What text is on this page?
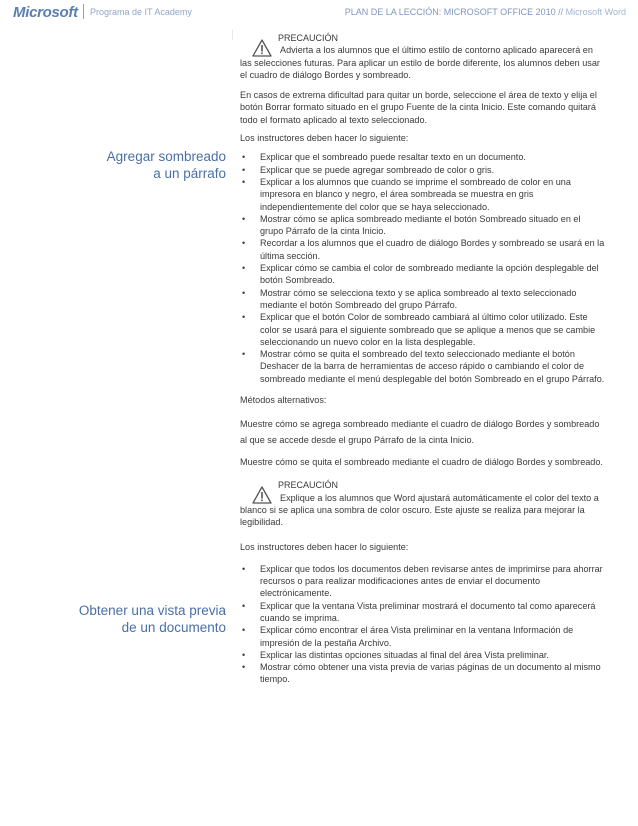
Microsoft Programa de IT Academy	PLAN DE LA LECCIÓN: MICROSOFT OFFICE 2010 // Microsoft Word
Agregar sombreado
a un párrafo
Obtener una vista previa
de un documento
PRECAUCIÓN

Advierta a los alumnos que el último estilo de contorno aplicado aparecerá en las selecciones futuras. Para aplicar un estilo de borde diferente, los alumnos deben usar el cuadro de diálogo Bordes y sombreado.

En casos de extrema dificultad para quitar un borde, seleccione el área de texto y elija el botón Borrar formato situado en el grupo Fuente de la cinta Inicio. Este comando quitará todo el formato aplicado al texto seleccionado.

Los instructores deben hacer lo siguiente:

• Explicar que el sombreado puede resaltar texto en un documento.
• Explicar que se puede agregar sombreado de color o gris.
• Explicar a los alumnos que cuando se imprime el sombreado de color en una impresora en blanco y negro, el área sombreada se muestra en gris independientemente del color que se haya seleccionado.
• Mostrar cómo se aplica sombreado mediante el botón Sombreado situado en el grupo Párrafo de la cinta Inicio.
• Recordar a los alumnos que el cuadro de diálogo Bordes y sombreado se usará en la última sección.
• Explicar cómo se cambia el color de sombreado mediante la opción desplegable del botón Sombreado.
• Mostrar cómo se selecciona texto y se aplica sombreado al texto seleccionado mediante el botón Sombreado del grupo Párrafo.
• Explicar que el botón Color de sombreado cambiará al último color utilizado. Este color se usará para el siguiente sombreado que se aplique a menos que se cambie seleccionando un nuevo color en la lista desplegable.
• Mostrar cómo se quita el sombreado del texto seleccionado mediante el botón Deshacer de la barra de herramientas de acceso rápido o cambiando el color de sombreado mediante el menú desplegable del botón Sombreado en el grupo Párrafo.

Métodos alternativos:

Muestre cómo se agrega sombreado mediante el cuadro de diálogo Bordes y sombreado al que se accede desde el grupo Párrafo de la cinta Inicio.

Muestre cómo se quita el sombreado mediante el cuadro de diálogo Bordes y sombreado.

PRECAUCIÓN

Explique a los alumnos que Word ajustará automáticamente el color del texto a blanco si se aplica una sombra de color oscuro. Este ajuste se realiza para mejorar la legibilidad.

Los instructores deben hacer lo siguiente:

• Explicar que todos los documentos deben revisarse antes de imprimirse para ahorrar recursos o para realizar modificaciones antes de enviar el documento electrónicamente.
• Explicar que la ventana Vista preliminar mostrará el documento tal como aparecerá cuando se imprima.
• Explicar cómo encontrar el área Vista preliminar en la ventana Información de impresión de la pestaña Archivo.
• Explicar las distintas opciones situadas al final del área Vista preliminar.
• Mostrar cómo obtener una vista previa de varias páginas de un documento al mismo tiempo.
